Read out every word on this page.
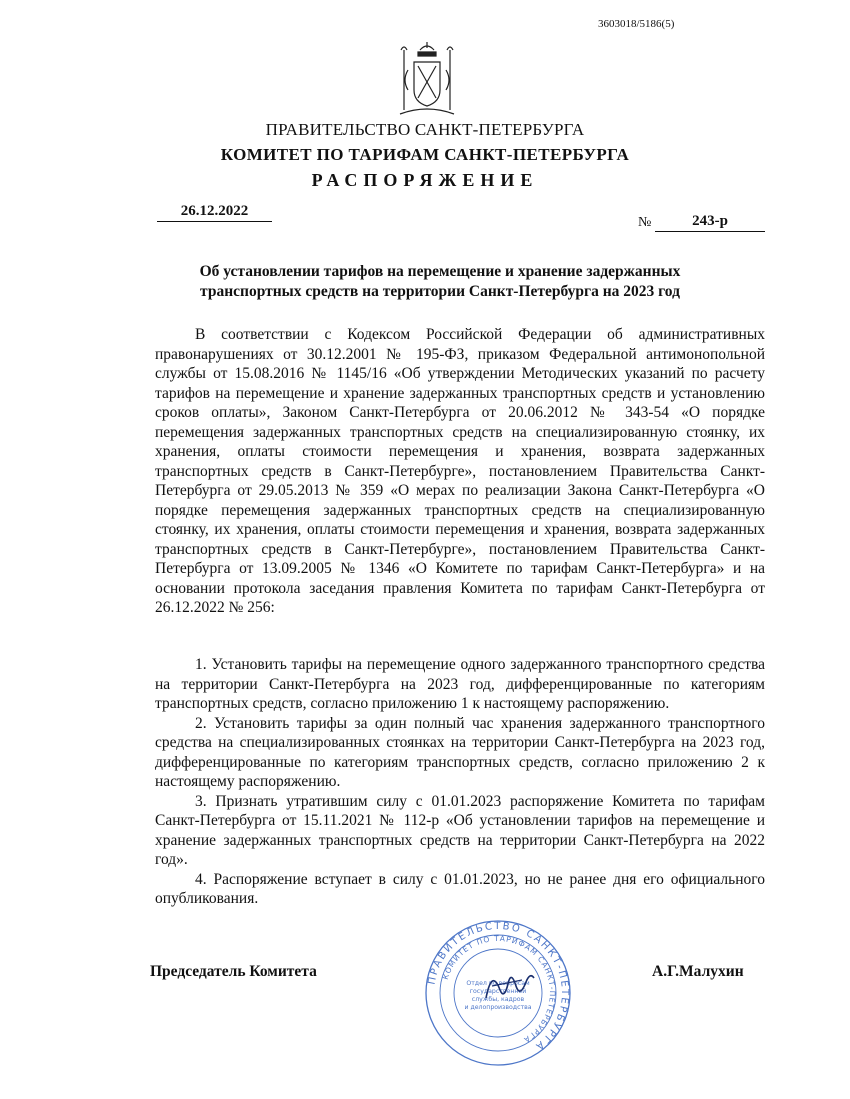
3603018/5186(5)
ПРАВИТЕЛЬСТВО САНКТ-ПЕТЕРБУРГА
КОМИТЕТ ПО ТАРИФАМ САНКТ-ПЕТЕРБУРГА
РАСПОРЯЖЕНИЕ
26.12.2022
№	243-р
Об установлении тарифов на перемещение и хранение задержанных транспортных средств на территории Санкт-Петербурга на 2023 год
В соответствии с Кодексом Российской Федерации об административных правонарушениях от 30.12.2001 № 195-ФЗ, приказом Федеральной антимонопольной службы от 15.08.2016 № 1145/16 «Об утверждении Методических указаний по расчету тарифов на перемещение и хранение задержанных транспортных средств и установлению сроков оплаты», Законом Санкт-Петербурга от 20.06.2012 № 343-54 «О порядке перемещения задержанных транспортных средств на специализированную стоянку, их хранения, оплаты стоимости перемещения и хранения, возврата задержанных транспортных средств в Санкт-Петербурге», постановлением Правительства Санкт-Петербурга от 29.05.2013 № 359 «О мерах по реализации Закона Санкт-Петербурга «О порядке перемещения задержанных транспортных средств на специализированную стоянку, их хранения, оплаты стоимости перемещения и хранения, возврата задержанных транспортных средств в Санкт-Петербурге», постановлением Правительства Санкт-Петербурга от 13.09.2005 № 1346 «О Комитете по тарифам Санкт-Петербурга» и на основании протокола заседания правления Комитета по тарифам Санкт-Петербурга от 26.12.2022 № 256:

1. Установить тарифы на перемещение одного задержанного транспортного средства на территории Санкт-Петербурга на 2023 год, дифференцированные по категориям транспортных средств, согласно приложению 1 к настоящему распоряжению.

2. Установить тарифы за один полный час хранения задержанного транспортного средства на специализированных стоянках на территории Санкт-Петербурга на 2023 год, дифференцированные по категориям транспортных средств, согласно приложению 2 к настоящему распоряжению.

3. Признать утратившим силу с 01.01.2023 распоряжение Комитета по тарифам Санкт-Петербурга от 15.11.2021 № 112-р «Об установлении тарифов на перемещение и хранение задержанных транспортных средств на территории Санкт-Петербурга на 2022 год».

4. Распоряжение вступает в силу с 01.01.2023, но не ранее дня его официального опубликования.

ПРАВИТЕЛЬСТВО САНКТ-ПЕТЕРБУРГА
КОМИТЕТ ПО ТАРИФАМ САНКТ-ПЕТЕРБУРГА
Отдел по вопросам
государственной
службы, кадров
и делопроизводства
Председатель Комитета	А.Г.Малухин
